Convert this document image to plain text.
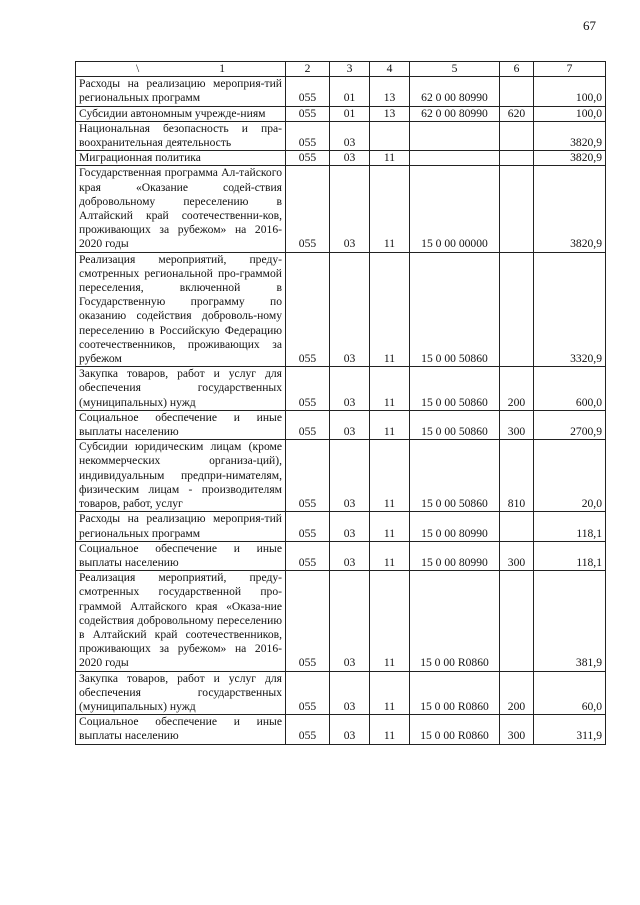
67
\ 1	2	3	4	5	6	7
Расходы на реализацию мероприя-тий региональных программ	055	01	13	62 0 00 80990		100,0
Субсидии автономным учрежде-ниям	055	01	13	62 0 00 80990	620	100,0
Национальная безопасность и пра-воохранительная деятельность	055	03				3820,9
Миграционная политика	055	03	11			3820,9
Государственная программа Ал-тайского края «Оказание содей-ствия добровольному переселению в Алтайский край соотечественни-ков, проживающих за рубежом» на 2016-2020 годы	055	03	11	15 0 00 00000		3820,9
Реализация мероприятий, преду-смотренных региональной про-граммой переселения, включенной в Государственную программу по оказанию содействия доброволь-ному переселению в Российскую Федерацию соотечественников, проживающих за рубежом	055	03	11	15 0 00 50860		3320,9
Закупка товаров, работ и услуг для обеспечения государственных (муниципальных) нужд	055	03	11	15 0 00 50860	200	600,0
Социальное обеспечение и иные выплаты населению	055	03	11	15 0 00 50860	300	2700,9
Субсидии юридическим лицам (кроме некоммерческих организа-ций), индивидуальным предпри-нимателям, физическим лицам - производителям товаров, работ, услуг	055	03	11	15 0 00 50860	810	20,0
Расходы на реализацию мероприя-тий региональных программ	055	03	11	15 0 00 80990		118,1
Социальное обеспечение и иные выплаты населению	055	03	11	15 0 00 80990	300	118,1
Реализация мероприятий, преду-смотренных государственной про-граммой Алтайского края «Оказа-ние содействия добровольному переселению в Алтайский край соотечественников, проживающих за рубежом» на 2016-2020 годы	055	03	11	15 0 00 R0860		381,9
Закупка товаров, работ и услуг для обеспечения государственных (муниципальных) нужд	055	03	11	15 0 00 R0860	200	60,0
Социальное обеспечение и иные выплаты населению	055	03	11	15 0 00 R0860	300	311,9
